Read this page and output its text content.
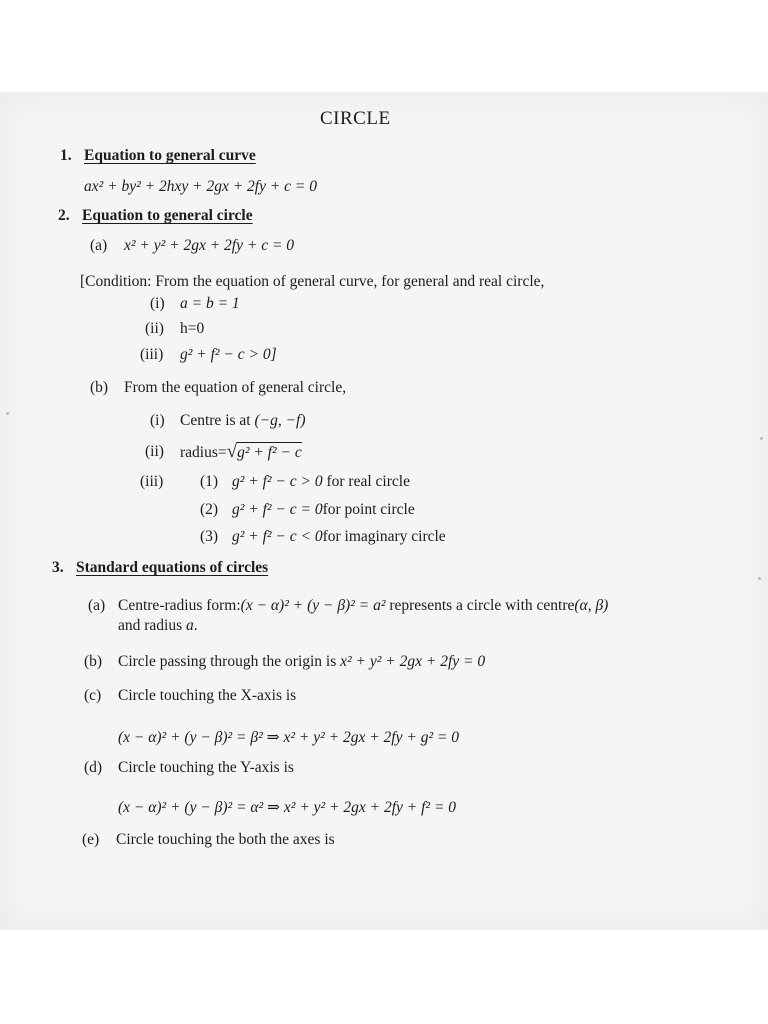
CIRCLE
1. Equation to general curve
ax² + by² + 2hxy + 2gx + 2fy + c = 0
2. Equation to general circle
(a) x² + y² + 2gx + 2fy + c = 0
[Condition: From the equation of general curve, for general and real circle,
(i) a = b = 1
(ii) h=0
(iii) g² + f² − c > 0]
(b) From the equation of general circle,
(i) Centre is at (−g, −f)
(ii) radius=√g² + f² − c
(iii) (1) g² + f² − c > 0 for real circle
(2) g² + f² − c = 0for point circle
(3) g² + f² − c < 0for imaginary circle
3. Standard equations of circles
(a) Centre-radius form:(x − α)² + (y − β)² = a² represents a circle with centre(α, β)
and radius a.
(b) Circle passing through the origin is x² + y² + 2gx + 2fy = 0
(c) Circle touching the X-axis is
(x − α)² + (y − β)² = β² ⇒ x² + y² + 2gx + 2fy + g² = 0
(d) Circle touching the Y-axis is
(x − α)² + (y − β)² = α² ⇒ x² + y² + 2gx + 2fy + f² = 0
(e) Circle touching the both the axes is
